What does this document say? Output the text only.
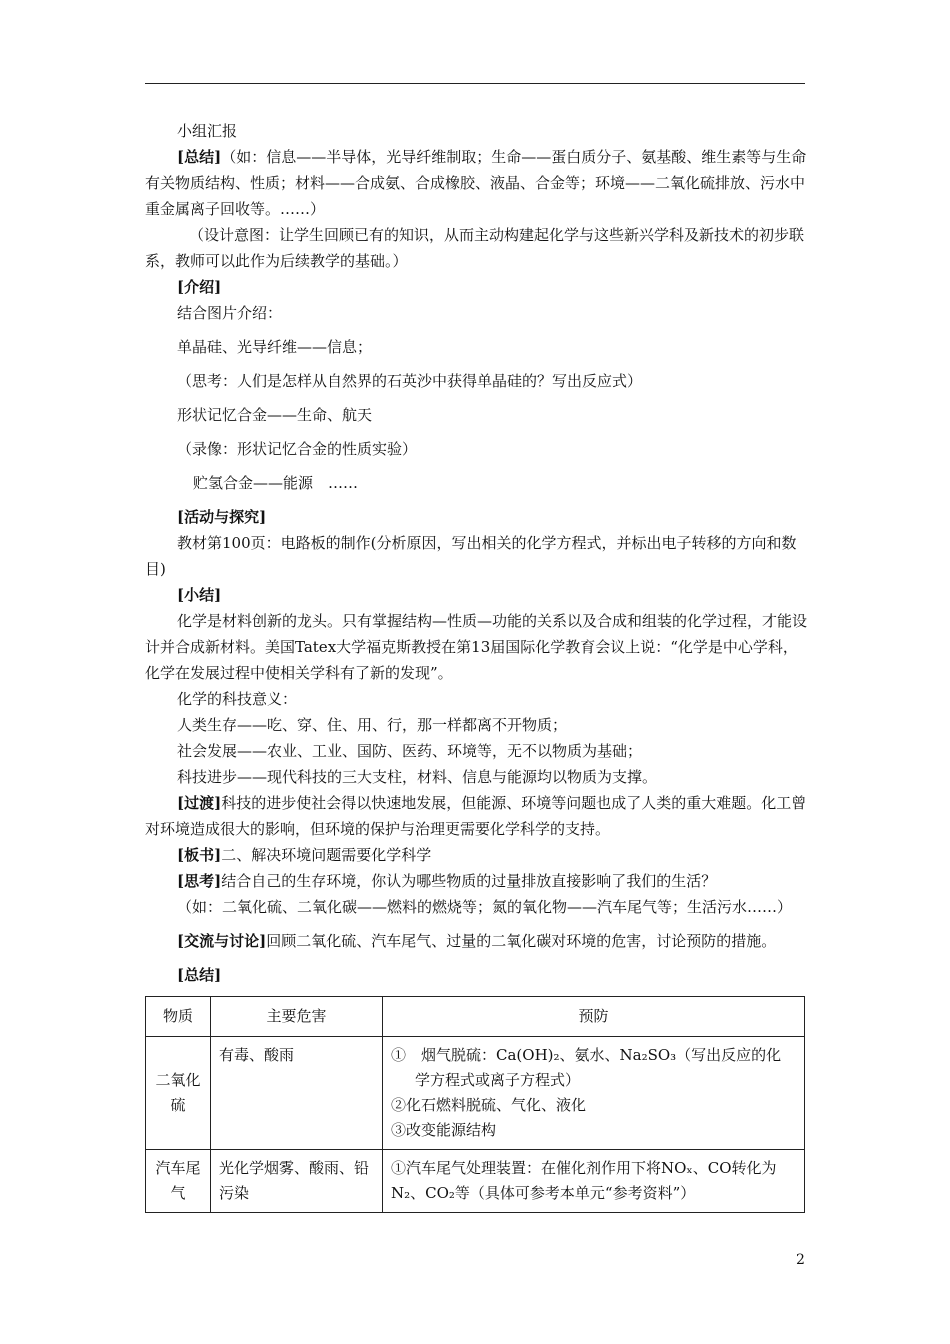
小组汇报

[总结]（如：信息——半导体，光导纤维制取；生命——蛋白质分子、氨基酸、维生素等与生命有关物质结构、性质；材料——合成氨、合成橡胶、液晶、合金等；环境——二氧化硫排放、污水中重金属离子回收等。……）

（设计意图：让学生回顾已有的知识，从而主动构建起化学与这些新兴学科及新技术的初步联系，教师可以此作为后续教学的基础。）

[介绍]

结合图片介绍：

单晶硅、光导纤维——信息；

（思考：人们是怎样从自然界的石英沙中获得单晶硅的？写出反应式）

形状记忆合金——生命、航天

（录像：形状记忆合金的性质实验）

贮氢合金——能源　……

[活动与探究]

教材第100页：电路板的制作(分析原因，写出相关的化学方程式，并标出电子转移的方向和数目)

[小结]

化学是材料创新的龙头。只有掌握结构—性质—功能的关系以及合成和组装的化学过程，才能设计并合成新材料。美国Tatex大学福克斯教授在第13届国际化学教育会议上说：“化学是中心学科，化学在发展过程中使相关学科有了新的发现”。

化学的科技意义：

人类生存——吃、穿、住、用、行，那一样都离不开物质；

社会发展——农业、工业、国防、医药、环境等，无不以物质为基础；

科技进步——现代科技的三大支柱，材料、信息与能源均以物质为支撑。

[过渡]科技的进步使社会得以快速地发展，但能源、环境等问题也成了人类的重大难题。化工曾对环境造成很大的影响，但环境的保护与治理更需要化学科学的支持。

[板书]二、解决环境问题需要化学科学

[思考]结合自己的生存环境，你认为哪些物质的过量排放直接影响了我们的生活？

（如：二氧化硫、二氧化碳——燃料的燃烧等；氮的氧化物——汽车尾气等；生活污水……）

[交流与讨论]回顾二氧化硫、汽车尾气、过量的二氧化碳对环境的危害，讨论预防的措施。

[总结]

物质	主要危害	预防
二氧化硫	有毒、酸雨	①　烟气脱硫：Ca(OH)₂、氨水、Na₂SO₃（写出反应的化学方程式或离子方程式）
②化石燃料脱硫、气化、液化
③改变能源结构

汽车尾气	光化学烟雾、酸雨、铅污染	①汽车尾气处理装置：在催化剂作用下将NOₓ、CO转化为N₂、CO₂等（具体可参考本单元“参考资料”）
2
